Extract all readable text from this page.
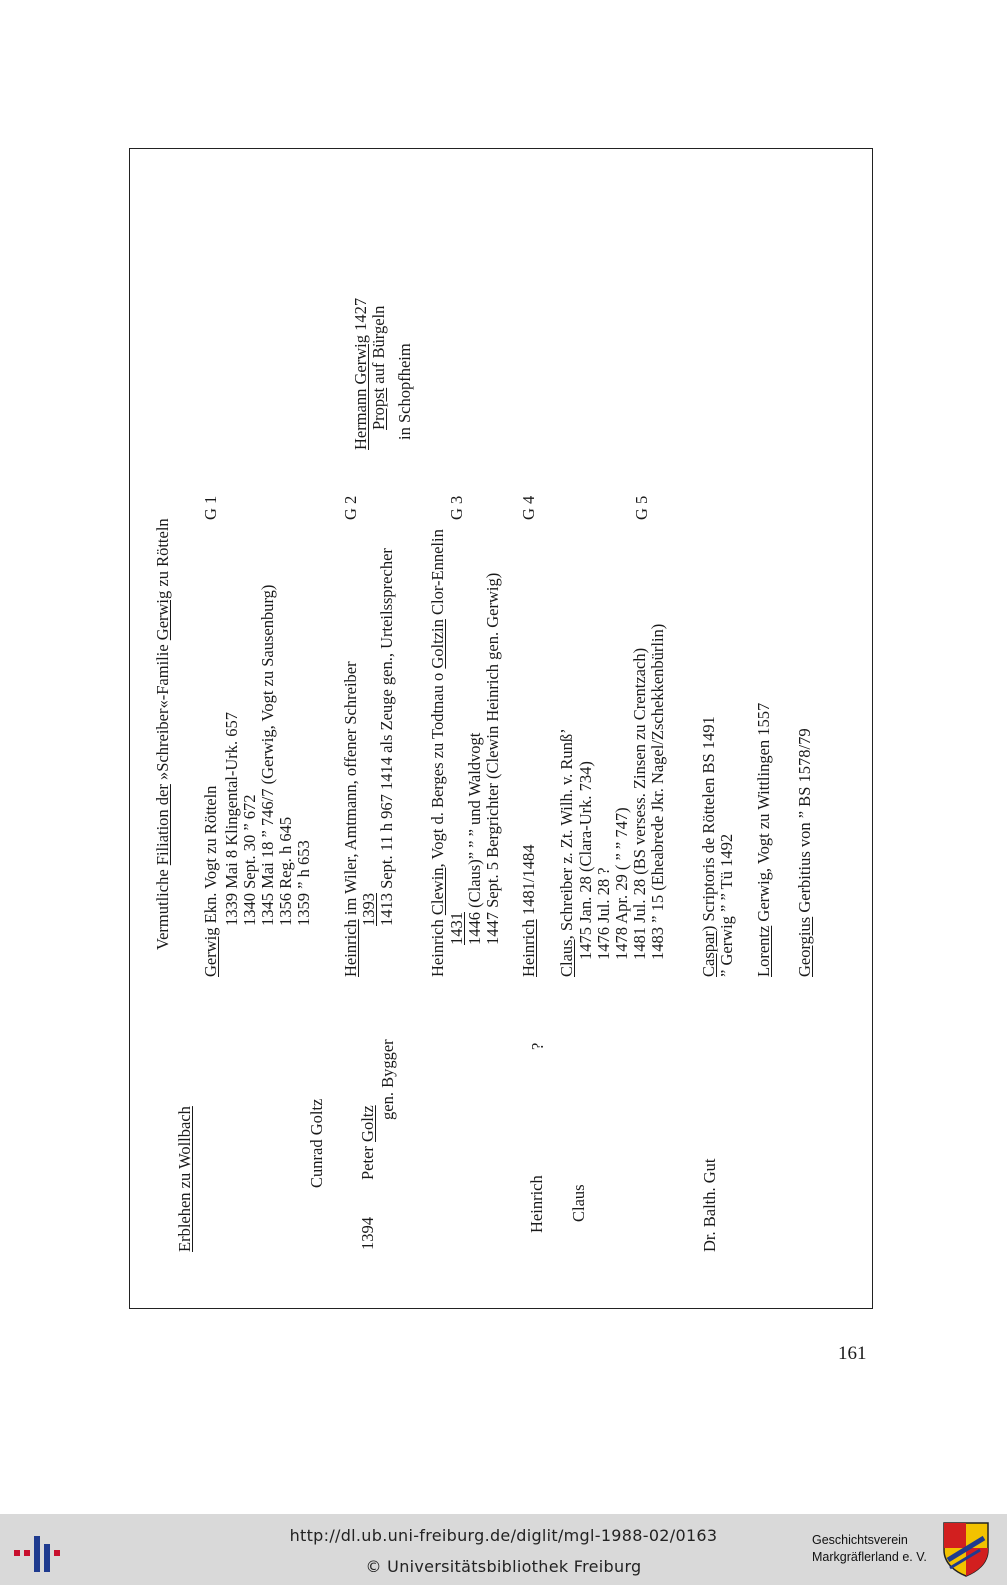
Erblehen zu Wollbach
Vermutliche Filiation der »Schreiber«-Familie Gerwig zu Rötteln
Cunrad Goltz
1394
Peter Goltz
gen. Bygger	?
Heinrich Claus	Dr. Balth. Gut
Gerwig Ekn. Vogt zu Rötteln
G 1
1339 Mai 8 Klingental-Urk. 657 1340 Sept. 30 ” 672 1345 Mai 18 ” 746/7 (Gerwig, Vogt zu Sausenburg) 1356 Reg. h 645 1359 ” h 653
Heinrich im Wiler, Amtmann, offener Schreiber
G 2
1393 1413 Sept. 11 h 967 1414 als Zeuge gen., Urteilssprecher
in Schopfheim
Heinrich Clewin, Vogt d. Berges zu Todtnau o Goltzin Clor-Ennelin
G 3
1431 1446 (Claus)” ” ” und Waldvogt 1447 Sept. 5 Bergrichter (Clewin Heinrich gen. Gerwig)
Heinrich 1481/1484
G 4
Claus, Schreiber z. Zt. Wilh. v. Runß’
G 5
1475 Jan. 28 (Clara-Urk. 734) 1476 Jul. 28 ? 1478 Apr. 29 ( ” ” 747) 1481 Jul. 28 (BS versess. Zinsen zu Crentzach) 1483 ” 15 (Eheabrede Jkr. Nagel/Zschekkenbürlin) Caspar) Scriptoris de Röttelen BS 1491 ” Gerwig ” ” Tü 1492 Lorentz Gerwig, Vogt zu Wittlingen 1557
Georgius Gerbitius von ” BS 1578/79
Hermann Gerwig 1427
Propst auf Bürgeln
161
http://dl.ub.uni-freiburg.de/diglit/mgl-1988-02/0163
© Universitätsbibliothek Freiburg
Geschichtsverein
Markgräflerland e. V.
